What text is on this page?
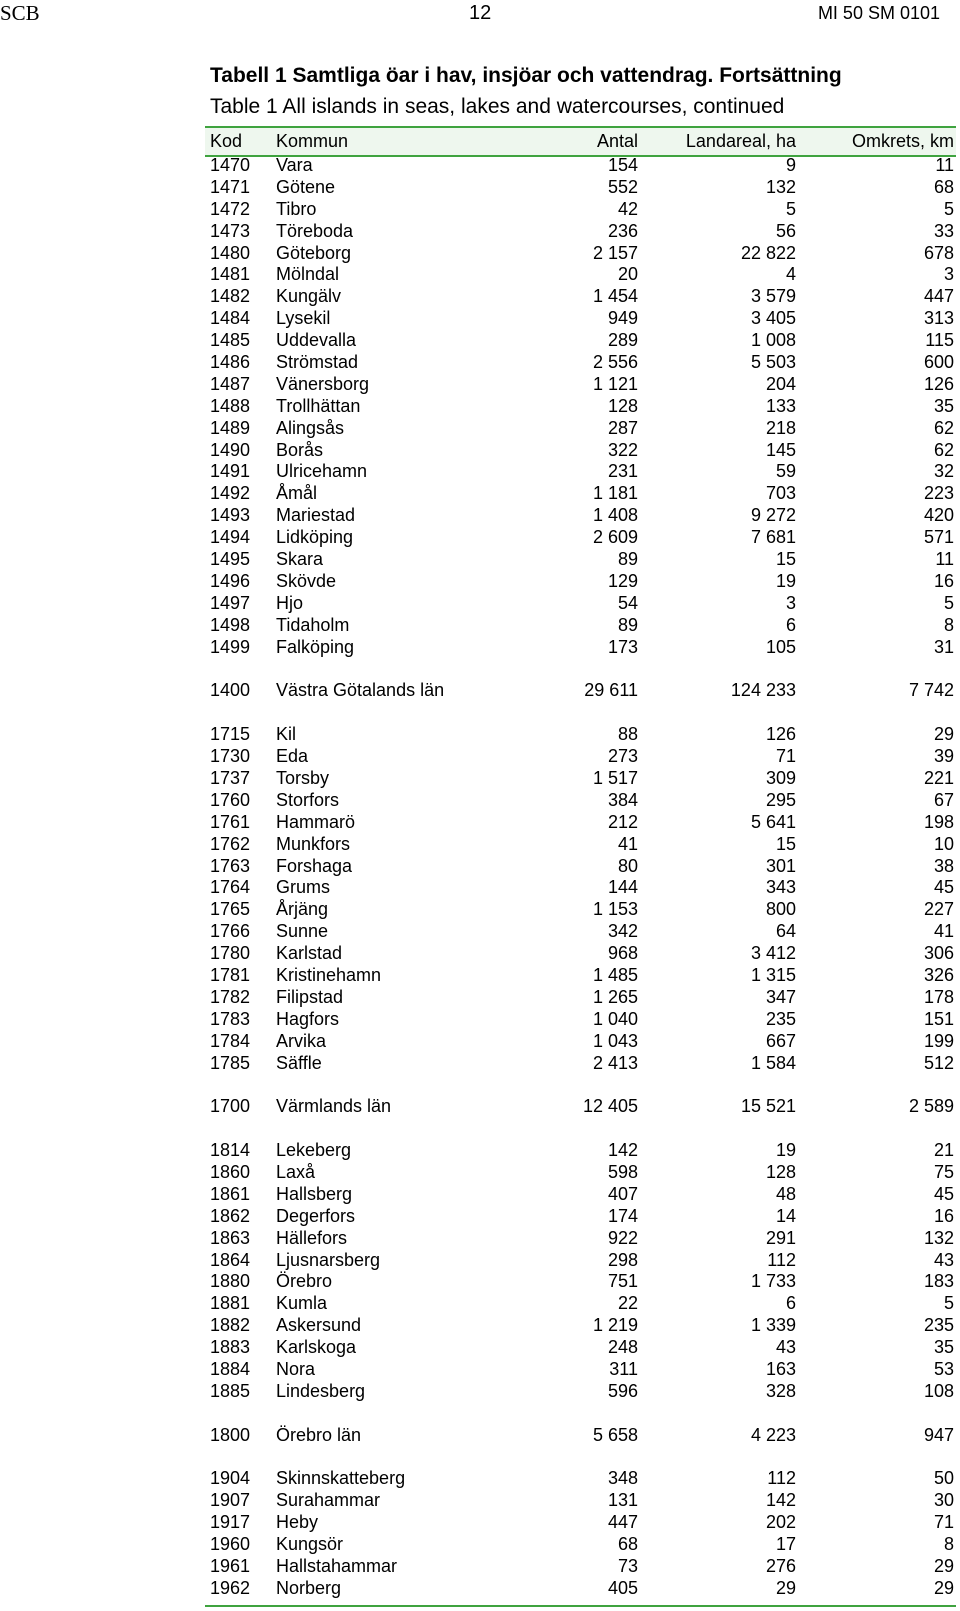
SCB	12	MI 50 SM 0101
Tabell 1 Samtliga öar i hav, insjöar och vattendrag. Fortsättning
Table 1 All islands in seas, lakes and watercourses, continued
Kod Kommun	Antal	Landareal, ha	Omkrets, km
1470 Vara	154	9	11
1471 Götene	552	132	68
1472 Tibro	42	5	5
1473 Töreboda	236	56	33
1480 Göteborg	2 157	22 822	678
1481 Mölndal	20	4	3
1482 Kungälv	1 454	3 579	447
1484 Lysekil	949	3 405	313
1485 Uddevalla	289	1 008	115
1486 Strömstad	2 556	5 503	600
1487 Vänersborg	1 121	204	126
1488 Trollhättan	128	133	35
1489 Alingsås	287	218	62
1490 Borås	322	145	62
1491 Ulricehamn	231	59	32
1492 Åmål	1 181	703	223
1493 Mariestad	1 408	9 272	420
1494 Lidköping	2 609	7 681	571
1495 Skara	89	15	11
1496 Skövde	129	19	16
1497 Hjo	54	3	5
1498 Tidaholm	89	6	8
1499 Falköping	173	105	31
1400 Västra Götalands län	29 611	124 233	7 742
1715 Kil	88	126	29
1730 Eda	273	71	39
1737 Torsby	1 517	309	221
1760 Storfors	384	295	67
1761 Hammarö	212	5 641	198
1762 Munkfors	41	15	10
1763 Forshaga	80	301	38
1764 Grums	144	343	45
1765 Årjäng	1 153	800	227
1766 Sunne	342	64	41
1780 Karlstad	968	3 412	306
1781 Kristinehamn	1 485	1 315	326
1782 Filipstad	1 265	347	178
1783 Hagfors	1 040	235	151
1784 Arvika	1 043	667	199
1785 Säffle	2 413	1 584	512
1700 Värmlands län	12 405	15 521	2 589
1814 Lekeberg	142	19	21
1860 Laxå	598	128	75
1861 Hallsberg	407	48	45
1862 Degerfors	174	14	16
1863 Hällefors	922	291	132
1864 Ljusnarsberg	298	112	43
1880 Örebro	751	1 733	183
1881 Kumla	22	6	5
1882 Askersund	1 219	1 339	235
1883 Karlskoga	248	43	35
1884 Nora	311	163	53
1885 Lindesberg	596	328	108
1800 Örebro län	5 658	4 223	947
1904 Skinnskatteberg	348	112	50
1907 Surahammar	131	142	30
1917 Heby	447	202	71
1960 Kungsör	68	17	8
1961 Hallstahammar	73	276	29
1962 Norberg	405	29	29
